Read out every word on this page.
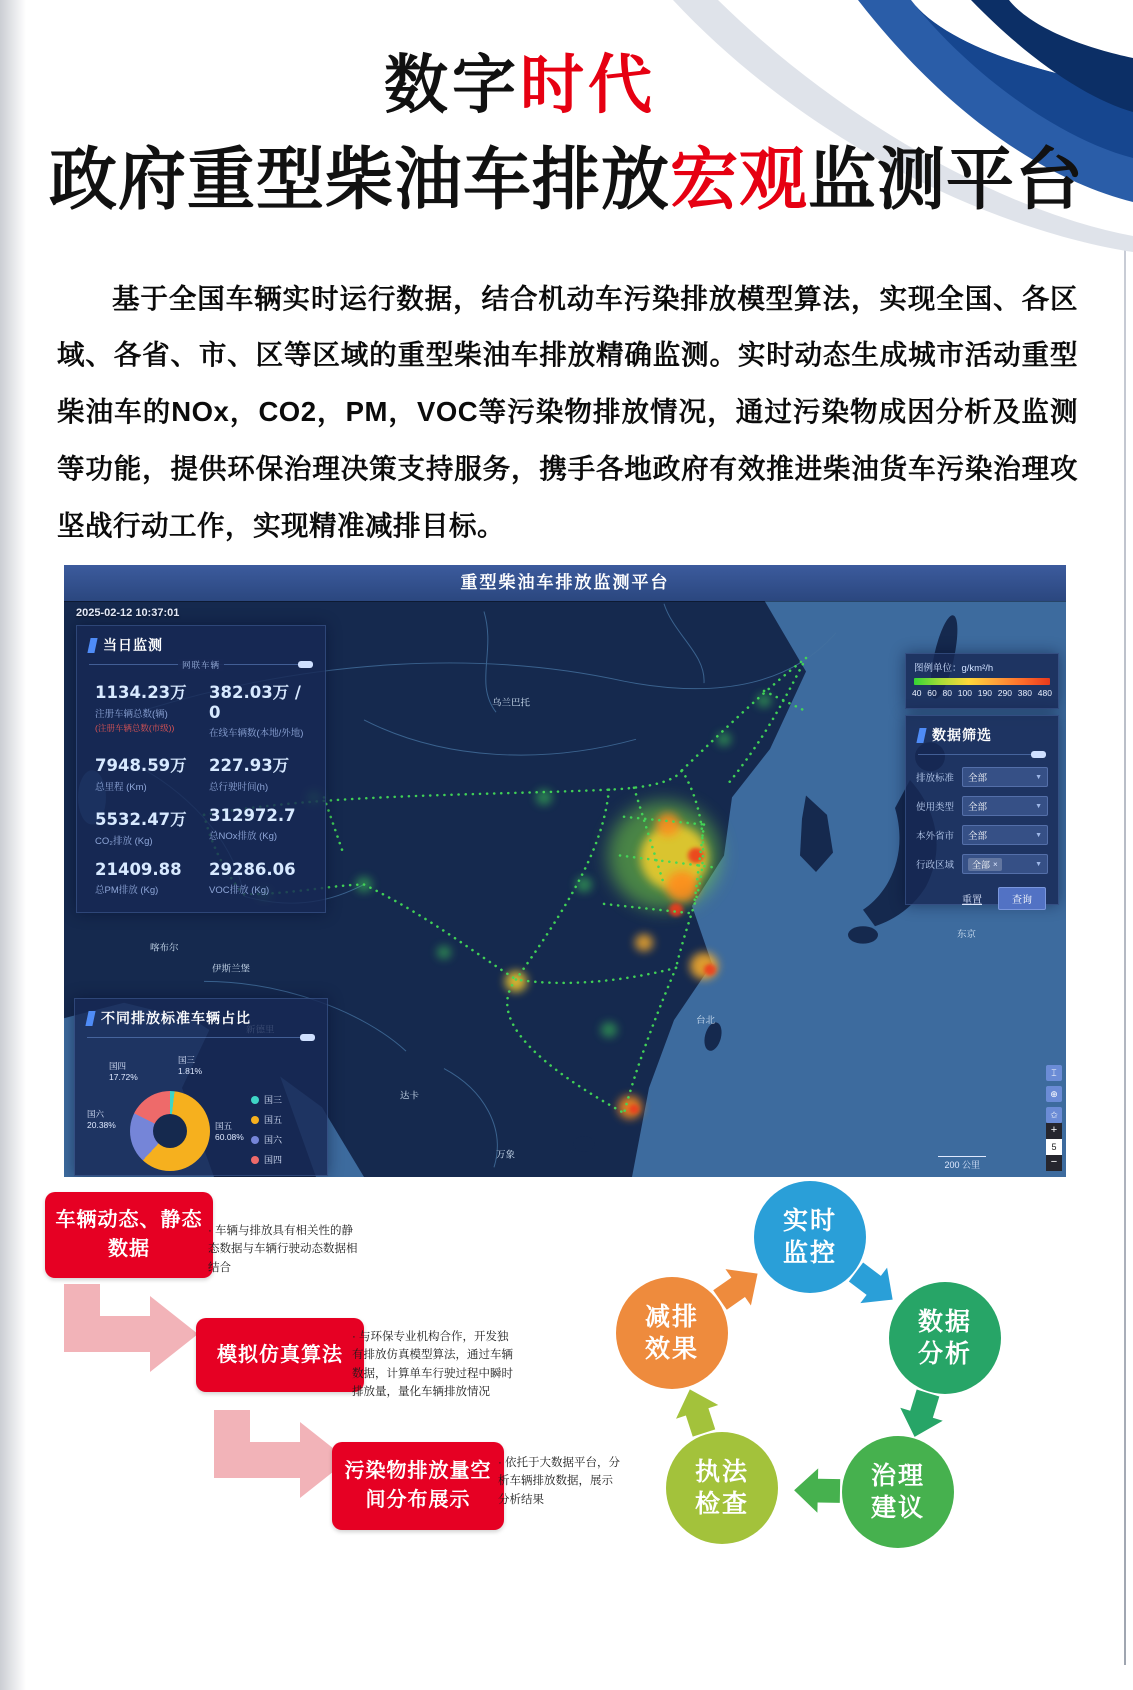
数字时代
政府重型柴油车排放宏观监测平台

基于全国车辆实时运行数据，结合机动车污染排放模型算法，实现全国、各区域、各省、市、区等区域的重型柴油车排放精确监测。实时动态生成城市活动重型柴油车的NOx，CO2，PM，VOC等污染物排放情况，通过污染物成因分析及监测等功能，提供环保治理决策支持服务，携手各地政府有效推进柴油货车污染治理攻坚战行动工作，实现精准减排目标。

乌兰巴托
东京
达卡
台北
万象
喀布尔
伊斯兰堡
重型柴油车排放监测平台
2025-02-12 10:37:01
当日监测
网联车辆
1134.23万
注册车辆总数(辆)
(注册车辆总数(市级))
382.03万 / 0
在线车辆数(本地/外地)
7948.59万
总里程 (Km)
227.93万
总行驶时间(h)
5532.47万
CO₂排放 (Kg)
312972.7
总NOx排放 (Kg)
21409.88
总PM排放 (Kg)
29286.06
VOC排放 (Kg)
图例单位：g/km²/h
40 60 80 100 190 290 380 480
数据筛选
排放标准	全部	▼
使用类型	全部	▼
本外省市	全部	▼
行政区域	全部 ×	▼
重置	查询
不同排放标准车辆占比
国三
1.81%
国五
60.08%
国六
20.38%
国四
17.72%
国三
国五
国六
国四
⌶
⊕
✩
+
5
−
200 公里
车辆动态、静态数据
· 车辆与排放具有相关性的静态数据与车辆行驶动态数据相结合
模拟仿真算法
· 与环保专业机构合作，开发独有排放仿真模型算法，通过车辆数据，计算单车行驶过程中瞬时排放量，量化车辆排放情况
污染物排放量空间分布展示
· 依托于大数据平台，分析车辆排放数据，展示分析结果
实时
监控
数据
分析
治理
建议
执法
检查
减排
效果
